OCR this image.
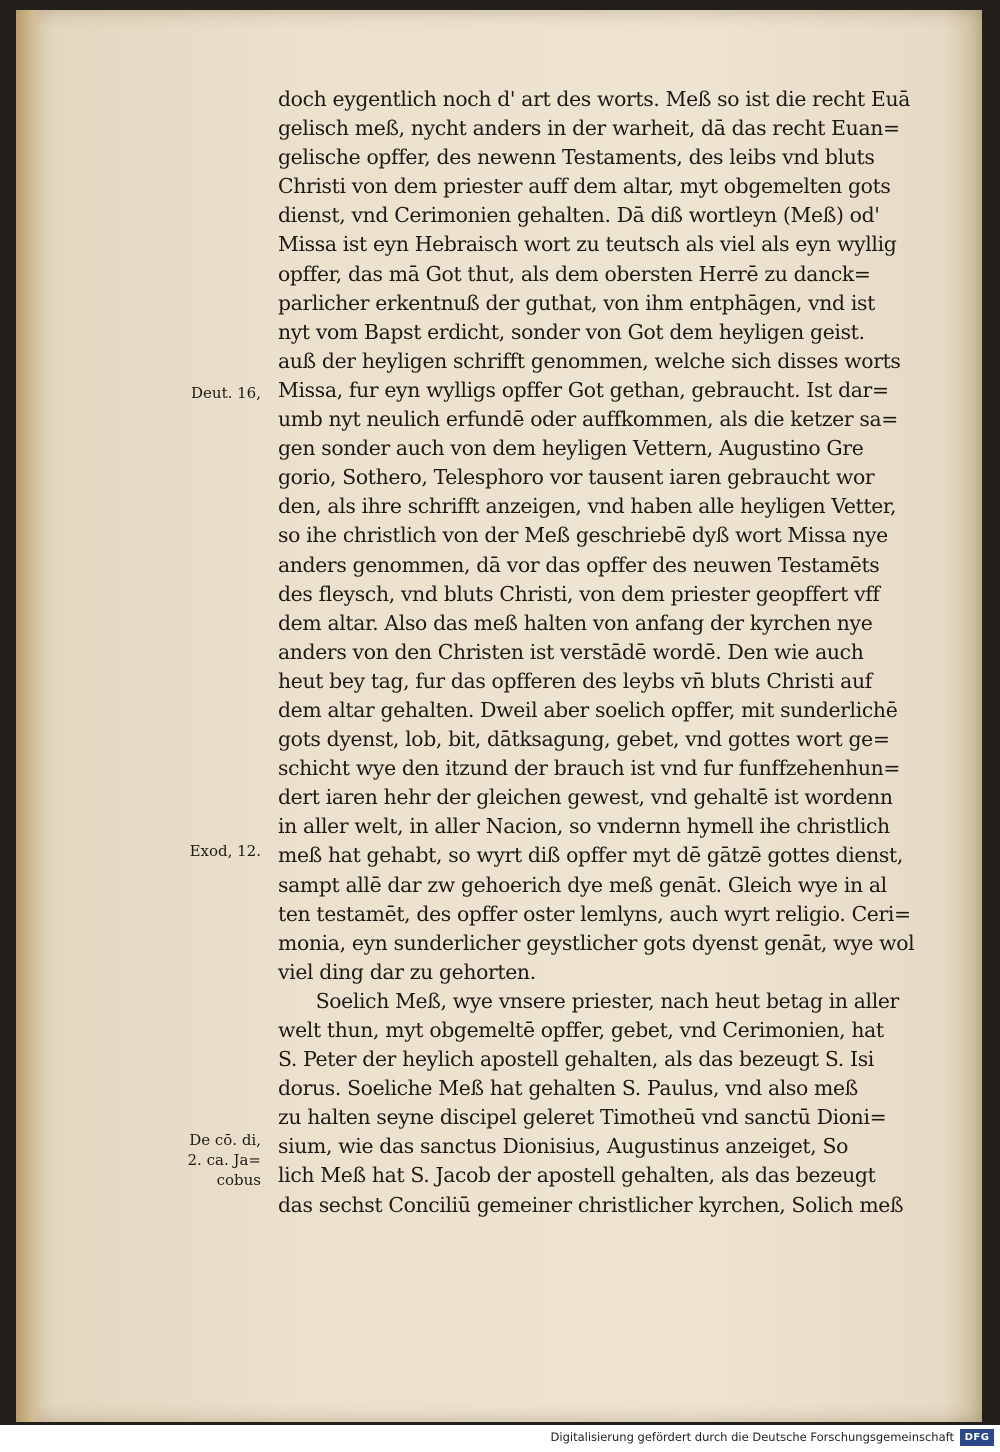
Deut. 16,
Exod, 12.
De cō. di,
2. ca. Ja=
cobus
doch eygentlich noch d' art des worts. Meß so ist die recht Euā
gelisch meß, nycht anders in der warheit, dā das recht Euan=
gelische opffer, des newenn Testaments, des leibs vnd bluts
Christi von dem priester auff dem altar, myt obgemelten gots
dienst, vnd Cerimonien gehalten. Dā diß wortleyn (Meß) od'
Missa ist eyn Hebraisch wort zu teutsch als viel als eyn wyllig
opffer, das mā Got thut, als dem obersten Herrē zu danck=
parlicher erkentnuß der guthat, von ihm entphāgen, vnd ist
nyt vom Bapst erdicht, sonder von Got dem heyligen geist.
auß der heyligen schrifft genommen, welche sich disses worts
Missa, fur eyn wylligs opffer Got gethan, gebraucht. Ist dar=
umb nyt neulich erfundē oder auffkommen, als die ketzer sa=
gen sonder auch von dem heyligen Vettern, Augustino Gre
gorio, Sothero, Telesphoro vor tausent iaren gebraucht wor
den, als ihre schrifft anzeigen, vnd haben alle heyligen Vetter,
so ihe christlich von der Meß geschriebē dyß wort Missa nye
anders genommen, dā vor das opffer des neuwen Testamēts
des fleysch, vnd bluts Christi, von dem priester geopffert vff
dem altar. Also das meß halten von anfang der kyrchen nye
anders von den Christen ist verstādē wordē. Den wie auch
heut bey tag, fur das opfferen des leybs vn̄ bluts Christi auf
dem altar gehalten. Dweil aber soelich opffer, mit sunderlichē
gots dyenst, lob, bit, dātksagung, gebet, vnd gottes wort ge=
schicht wye den itzund der brauch ist vnd fur funffzehenhun=
dert iaren hehr der gleichen gewest, vnd gehaltē ist wordenn
in aller welt, in aller Nacion, so vndernn hymell ihe christlich
meß hat gehabt, so wyrt diß opffer myt dē gātzē gottes dienst,
sampt allē dar zw gehoerich dye meß genāt. Gleich wye in al
ten testamēt, des opffer oster lemlyns, auch wyrt religio. Ceri=
monia, eyn sunderlicher geystlicher gots dyenst genāt, wye wol
viel ding dar zu gehorten.
Soelich Meß, wye vnsere priester, nach heut betag in aller
welt thun, myt obgemeltē opffer, gebet, vnd Cerimonien, hat
S. Peter der heylich apostell gehalten, als das bezeugt S. Isi
dorus. Soeliche Meß hat gehalten S. Paulus, vnd also meß
zu halten seyne discipel geleret Timotheū vnd sanctū Dioni=
sium, wie das sanctus Dionisius, Augustinus anzeiget, So
lich Meß hat S. Jacob der apostell gehalten, als das bezeugt
das sechst Conciliū gemeiner christlicher kyrchen, Solich meß
Digitalisierung gefördert durch die Deutsche Forschungsgemeinschaft	DFG
